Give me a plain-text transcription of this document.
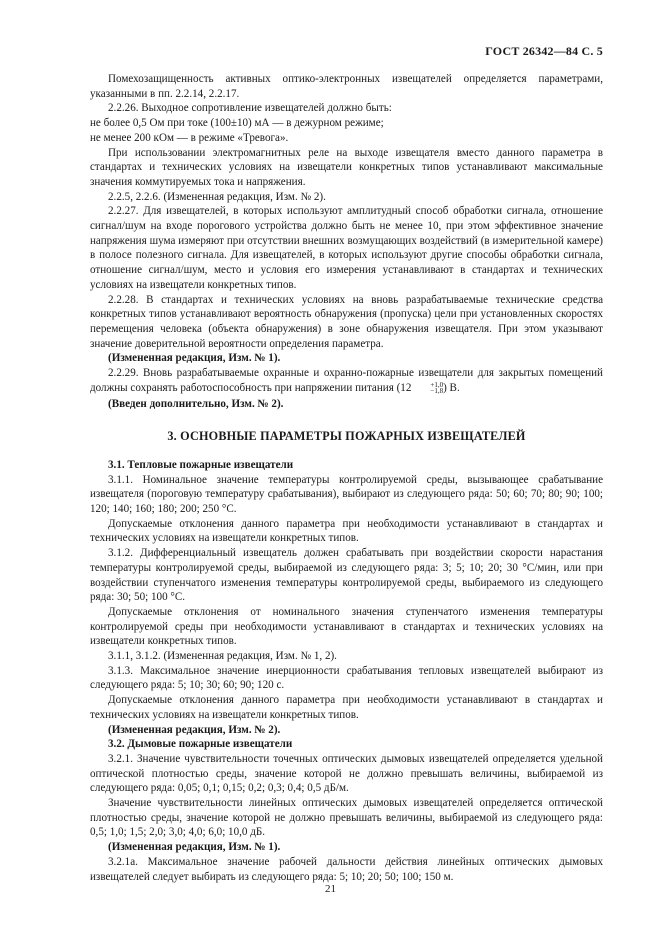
ГОСТ 26342—84 С. 5

Помехозащищенность активных оптико-электронных извещателей определяется параметрами, указанными в пп. 2.2.14, 2.2.17.

2.2.26. Выходное сопротивление извещателей должно быть:

не более 0,5 Ом при токе (100±10) мА — в дежурном режиме;

не менее 200 кОм — в режиме «Тревога».

При использовании электромагнитных реле на выходе извещателя вместо данного параметра в стандартах и технических условиях на извещатели конкретных типов устанавливают максимальные значения коммутируемых тока и напряжения.

2.2.5, 2.2.6. (Измененная редакция, Изм. № 2).

2.2.27. Для извещателей, в которых используют амплитудный способ обработки сигнала, отношение сигнал/шум на входе порогового устройства должно быть не менее 10, при этом эффективное значение напряжения шума измеряют при отсутствии внешних возмущающих воздействий (в измерительной камере) в полосе полезного сигнала. Для извещателей, в которых используют другие способы обработки сигнала, отношение сигнал/шум, место и условия его измерения устанавливают в стандартах и технических условиях на извещатели конкретных типов.

2.2.28. В стандартах и технических условиях на вновь разрабатываемые технические средства конкретных типов устанавливают вероятность обнаружения (пропуска) цели при установленных скоростях перемещения человека (объекта обнаружения) в зоне обнаружения извещателя. При этом указывают значение доверительной вероятности определения параметра.

(Измененная редакция, Изм. № 1).

2.2.29. Вновь разрабатываемые охранные и охранно-пожарные извещатели для закрытых помещений должны сохранять работоспособность при напряжении питания (12	+1,0
−1,8 ) В.

(Введен дополнительно, Изм. № 2).

3. ОСНОВНЫЕ ПАРАМЕТРЫ ПОЖАРНЫХ ИЗВЕЩАТЕЛЕЙ

3.1. Тепловые пожарные извещатели

3.1.1. Номинальное значение температуры контролируемой среды, вызывающее срабатывание извещателя (пороговую температуру срабатывания), выбирают из следующего ряда: 50; 60; 70; 80; 90; 100; 120; 140; 160; 180; 200; 250 °С.

Допускаемые отклонения данного параметра при необходимости устанавливают в стандартах и технических условиях на извещатели конкретных типов.

3.1.2. Дифференциальный извещатель должен срабатывать при воздействии скорости нарастания температуры контролируемой среды, выбираемой из следующего ряда: 3; 5; 10; 20; 30 °С/мин, или при воздействии ступенчатого изменения температуры контролируемой среды, выбираемого из следующего ряда: 30; 50; 100 °С.

Допускаемые отклонения от номинального значения ступенчатого изменения температуры контролируемой среды при необходимости устанавливают в стандартах и технических условиях на извещатели конкретных типов.

3.1.1, 3.1.2. (Измененная редакция, Изм. № 1, 2).

3.1.3. Максимальное значение инерционности срабатывания тепловых извещателей выбирают из следующего ряда: 5; 10; 30; 60; 90; 120 с.

Допускаемые отклонения данного параметра при необходимости устанавливают в стандартах и технических условиях на извещатели конкретных типов.

(Измененная редакция, Изм. № 2).

3.2. Дымовые пожарные извещатели

3.2.1. Значение чувствительности точечных оптических дымовых извещателей определяется удельной оптической плотностью среды, значение которой не должно превышать величины, выбираемой из следующего ряда: 0,05; 0,1; 0,15; 0,2; 0,3; 0,4; 0,5 дБ/м.

Значение чувствительности линейных оптических дымовых извещателей определяется оптической плотностью среды, значение которой не должно превышать величины, выбираемой из следующего ряда: 0,5; 1,0; 1,5; 2,0; 3,0; 4,0; 6,0; 10,0 дБ.

(Измененная редакция, Изм. № 1).

3.2.1а. Максимальное значение рабочей дальности действия линейных оптических дымовых извещателей следует выбирать из следующего ряда: 5; 10; 20; 50; 100; 150 м.

21
